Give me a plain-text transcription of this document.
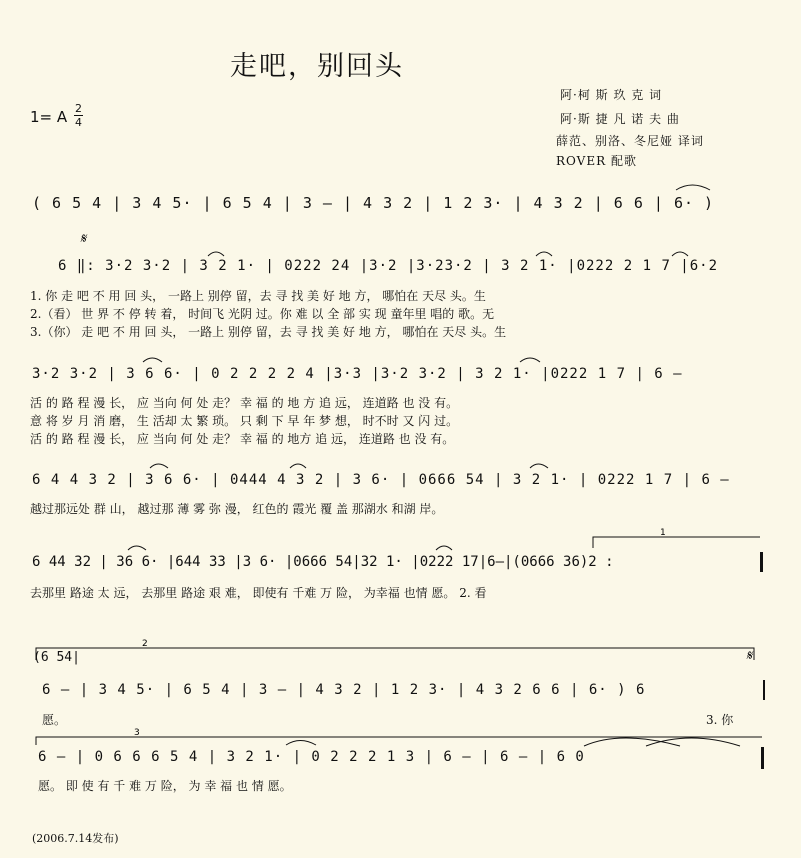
走吧，别回头
1= A 2
4
阿·柯 斯 玖 克 词
阿·斯 捷 凡 诺 夫 曲
薛范、别洛、冬尼娅 译词
ROVER 配歌
( 6 5 4 | 3 4 5· | 6 5 4 | 3 – | 4 3 2 | 1 2 3· | 4 3 2 | 6 6 | 6· )
𝄋
6 ‖: 3·2 3·2 | 3 2 1· | 0222 24 |3·2 |3·23·2 | 3 2 1· |0222 2 1 7 |6·2
1. 你 走 吧 不 用 回 头， 一路上 别停 留，去 寻 找 美 好 地 方， 哪怕在 天尽 头。生
2.（看） 世 界 不 停 转 着， 时间飞 光阴 过。你 难 以 全 部 实 现 童年里 唱的 歌。无
3.（你） 走 吧 不 用 回 头， 一路上 别停 留，去 寻 找 美 好 地 方， 哪怕在 天尽 头。生
3·2 3·2 | 3 6 6· | 0 2 2 2 2 4 |3·3 |3·2 3·2 | 3 2 1· |0222 1 7 | 6 –
活 的 路 程 漫 长， 应 当向 何 处 走？ 幸 福 的 地 方 追 远， 连道路 也 没 有。
意 将 岁 月 消 磨， 生 活却 太 繁 琐。 只 剩 下 早 年 梦 想， 时不时 又 闪 过。
活 的 路 程 漫 长， 应 当向 何 处 走？ 幸 福 的 地方 追 远， 连道路 也 没 有。
6 4 4 3 2 | 3 6 6· | 0444 4 3 2 | 3 6· | 0666 54 | 3 2 1· | 0222 1 7 | 6 –
越过那远处 群 山， 越过那 薄 雾 弥 漫， 红色的 霞光 覆 盖 那湖水 和湖 岸。
6 44 32 | 36 6· |644 33 |3 6· |0666 54|32 1· |0222 17|6–|(0666 36)2 :
去那里 路途 太 远， 去那里 路途 艰 难， 即使有 千难 万 险， 为幸福 也情 愿。 2. 看
(6 54|	𝄋
6 – | 3 4 5· | 6 5 4 | 3 – | 4 3 2 | 1 2 3· | 4 3 2 6 6 | 6· ) 6
愿。	3. 你
6 – | 0 6 6 6 5 4 | 3 2 1· | 0 2 2 2 1 3 | 6 – | 6 – | 6 0
愿。 即 使 有 千 难 万 险， 为 幸 福 也 情 愿。
1
2
3
(2006.7.14发布)
